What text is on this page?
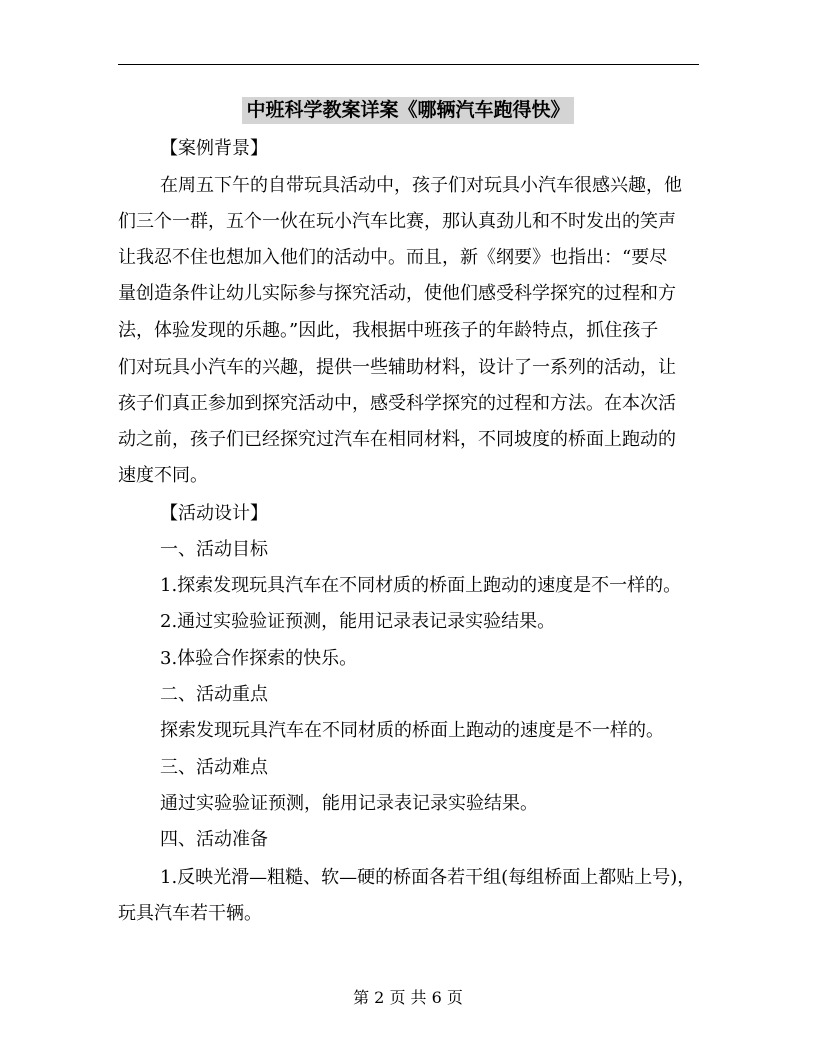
中班科学教案详案《哪辆汽车跑得快》
【案例背景】
在周五下午的自带玩具活动中，孩子们对玩具小汽车很感兴趣，他
们三个一群，五个一伙在玩小汽车比赛，那认真劲儿和不时发出的笑声
让我忍不住也想加入他们的活动中。而且，新《纲要》也指出：“要尽
量创造条件让幼儿实际参与探究活动，使他们感受科学探究的过程和方
法，体验发现的乐趣。”因此，我根据中班孩子的年龄特点，抓住孩子
们对玩具小汽车的兴趣，提供一些辅助材料，设计了一系列的活动，让
孩子们真正参加到探究活动中，感受科学探究的过程和方法。在本次活
动之前，孩子们已经探究过汽车在相同材料，不同坡度的桥面上跑动的
速度不同。
【活动设计】
一、活动目标
1.探索发现玩具汽车在不同材质的桥面上跑动的速度是不一样的。
2.通过实验验证预测，能用记录表记录实验结果。
3.体验合作探索的快乐。
二、活动重点
探索发现玩具汽车在不同材质的桥面上跑动的速度是不一样的。
三、活动难点
通过实验验证预测，能用记录表记录实验结果。
四、活动准备
1.反映光滑—粗糙、软—硬的桥面各若干组(每组桥面上都贴上号)，
玩具汽车若干辆。
第 2 页 共 6 页
